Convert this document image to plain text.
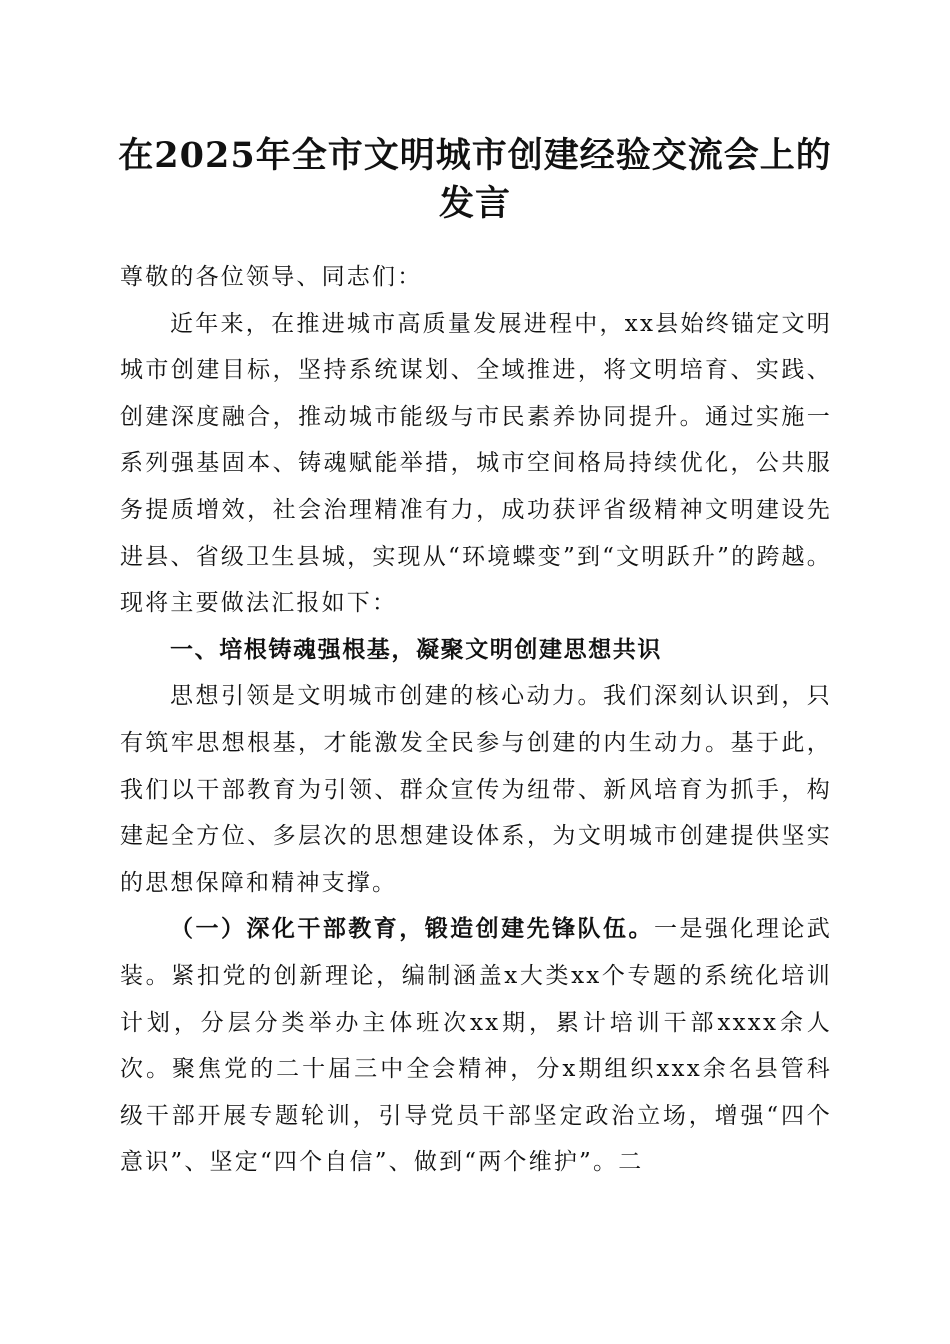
在2025年全市文明城市创建经验交流会上的发言

尊敬的各位领导、同志们：

近年来，在推进城市高质量发展进程中，xx县始终锚定文明城市创建目标，坚持系统谋划、全域推进，将文明培育、实践、创建深度融合，推动城市能级与市民素养协同提升。通过实施一系列强基固本、铸魂赋能举措，城市空间格局持续优化，公共服务提质增效，社会治理精准有力，成功获评省级精神文明建设先进县、省级卫生县城，实现从“环境蝶变”到“文明跃升”的跨越。现将主要做法汇报如下：

一、培根铸魂强根基，凝聚文明创建思想共识

思想引领是文明城市创建的核心动力。我们深刻认识到，只有筑牢思想根基，才能激发全民参与创建的内生动力。基于此，我们以干部教育为引领、群众宣传为纽带、新风培育为抓手，构建起全方位、多层次的思想建设体系，为文明城市创建提供坚实的思想保障和精神支撑。

（一）深化干部教育，锻造创建先锋队伍。一是强化理论武装。紧扣党的创新理论，编制涵盖x大类xx个专题的系统化培训计划，分层分类举办主体班次xx期，累计培训干部xxxx余人次。聚焦党的二十届三中全会精神，分x期组织xxx余名县管科级干部开展专题轮训，引导党员干部坚定政治立场，增强“四个意识”、坚定“四个自信”、做到“两个维护”。二
